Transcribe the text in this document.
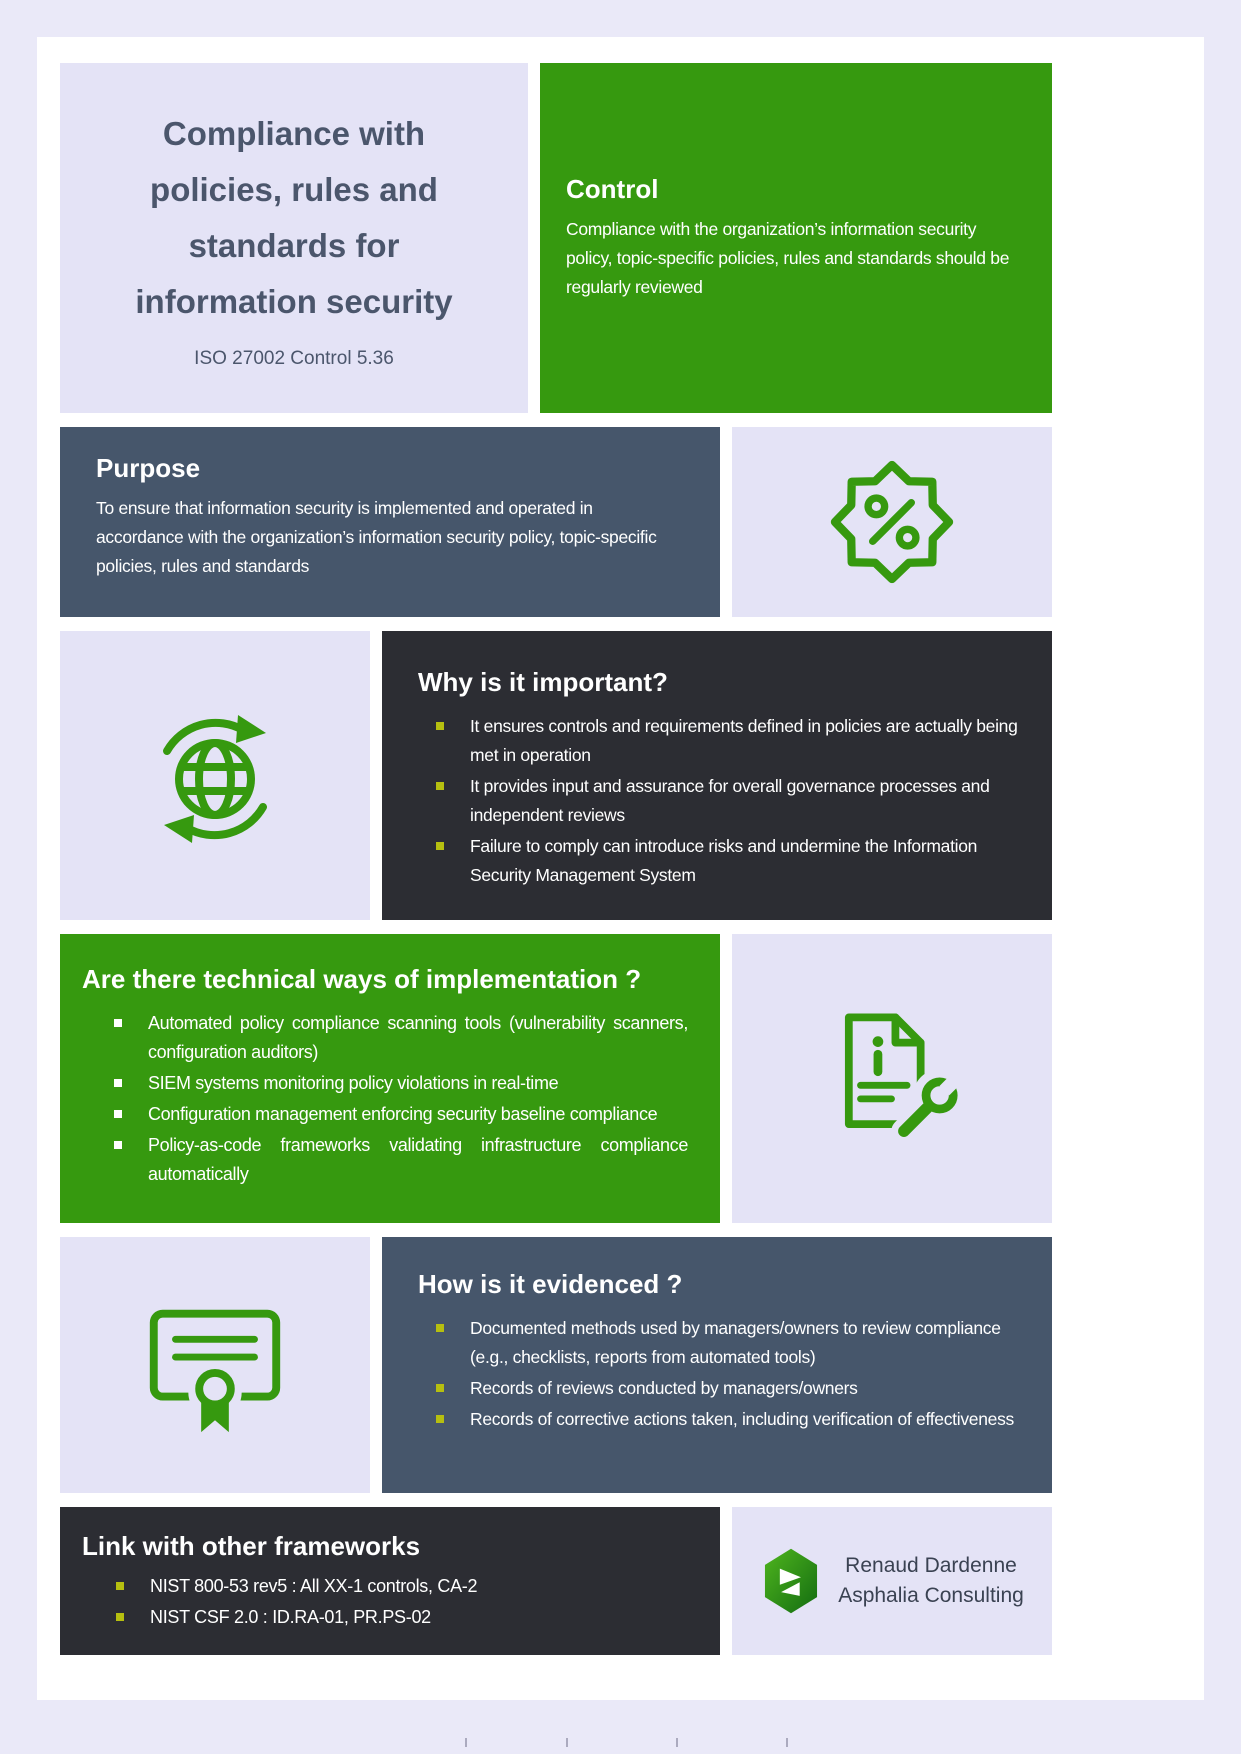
Compliance with policies, rules and standards for information security

ISO 27002 Control 5.36

Control

Compliance with the organization’s information security policy, topic-specific policies, rules and standards should be regularly reviewed

Purpose

To ensure that information security is implemented and operated in accordance with the organization’s information security policy, topic-specific policies, rules and standards

Why is it important?
It ensures controls and requirements defined in policies are actually being met in operation
It provides input and assurance for overall governance processes and independent reviews
Failure to comply can introduce risks and undermine the Information Security Management System
Are there technical ways of implementation ?
Automated policy compliance scanning tools (vulnerability scanners, configuration auditors)
SIEM systems monitoring policy violations in real-time
Configuration management enforcing security baseline compliance
Policy-as-code frameworks validating infrastructure compliance automatically
How is it evidenced ?
Documented methods used by managers/owners to review compliance (e.g., checklists, reports from automated tools)
Records of reviews conducted by managers/owners
Records of corrective actions taken, including verification of effectiveness
Link with other frameworks
NIST 800-53 rev5 : All XX-1 controls, CA-2
NIST CSF 2.0 : ID.RA-01, PR.PS-02
Renaud Dardenne
Asphalia Consulting
